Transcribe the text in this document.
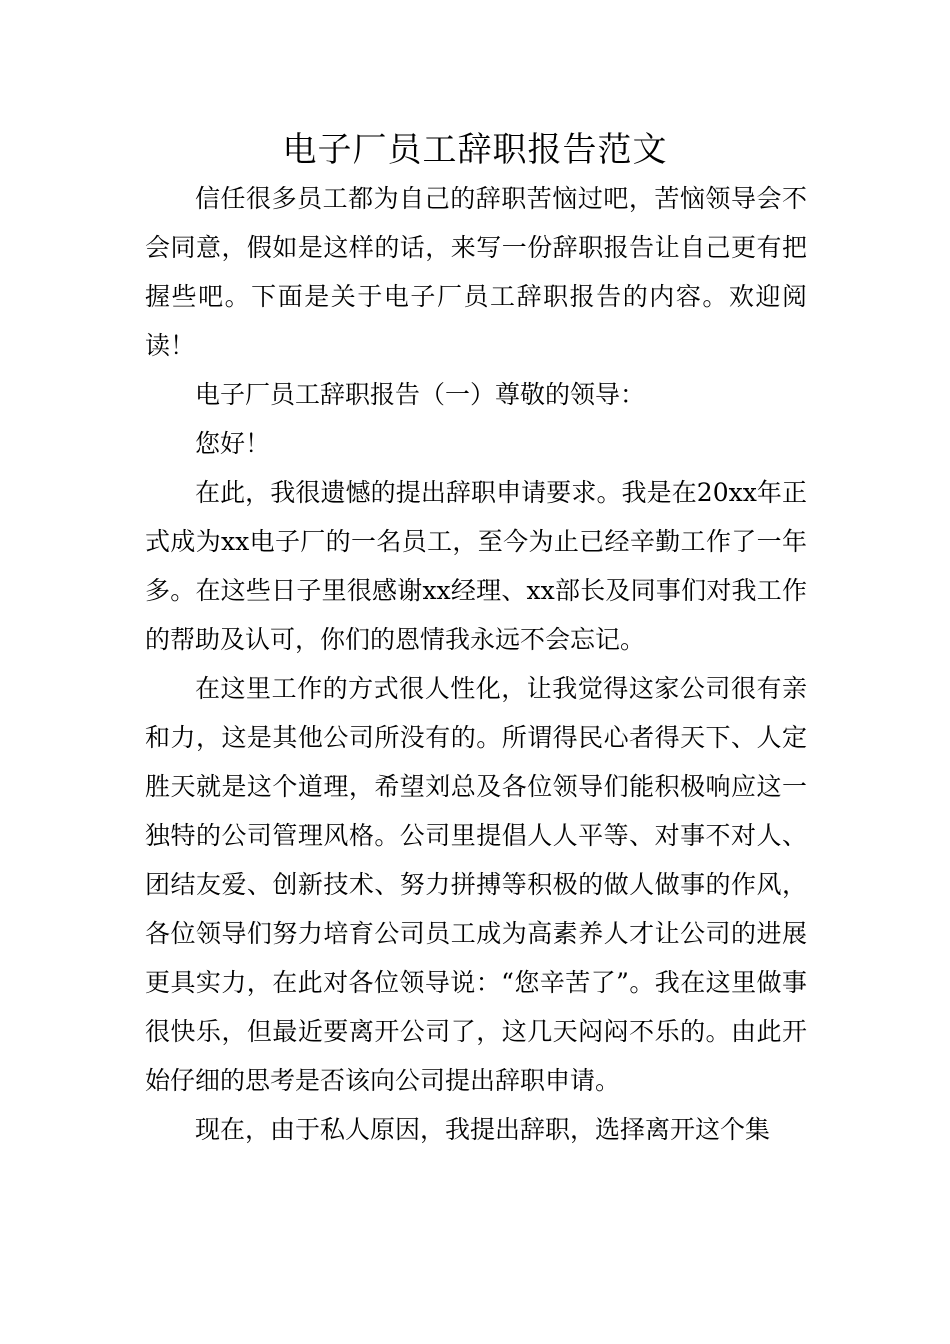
电子厂员工辞职报告范文

信任很多员工都为自己的辞职苦恼过吧，苦恼领导会不会同意，假如是这样的话，来写一份辞职报告让自己更有把握些吧。下面是关于电子厂员工辞职报告的内容。欢迎阅读！

电子厂员工辞职报告（一）尊敬的领导：

您好！

在此，我很遗憾的提出辞职申请要求。我是在20xx年正式成为xx电子厂的一名员工，至今为止已经辛勤工作了一年多。在这些日子里很感谢xx经理、xx部长及同事们对我工作的帮助及认可，你们的恩情我永远不会忘记。

在这里工作的方式很人性化，让我觉得这家公司很有亲和力，这是其他公司所没有的。所谓得民心者得天下、人定胜天就是这个道理，希望刘总及各位领导们能积极响应这一独特的公司管理风格。公司里提倡人人平等、对事不对人、团结友爱、创新技术、努力拼搏等积极的做人做事的作风，各位领导们努力培育公司员工成为高素养人才让公司的进展更具实力，在此对各位领导说：“您辛苦了”。我在这里做事很快乐，但最近要离开公司了，这几天闷闷不乐的。由此开始仔细的思考是否该向公司提出辞职申请。

现在，由于私人原因，我提出辞职，选择离开这个集
